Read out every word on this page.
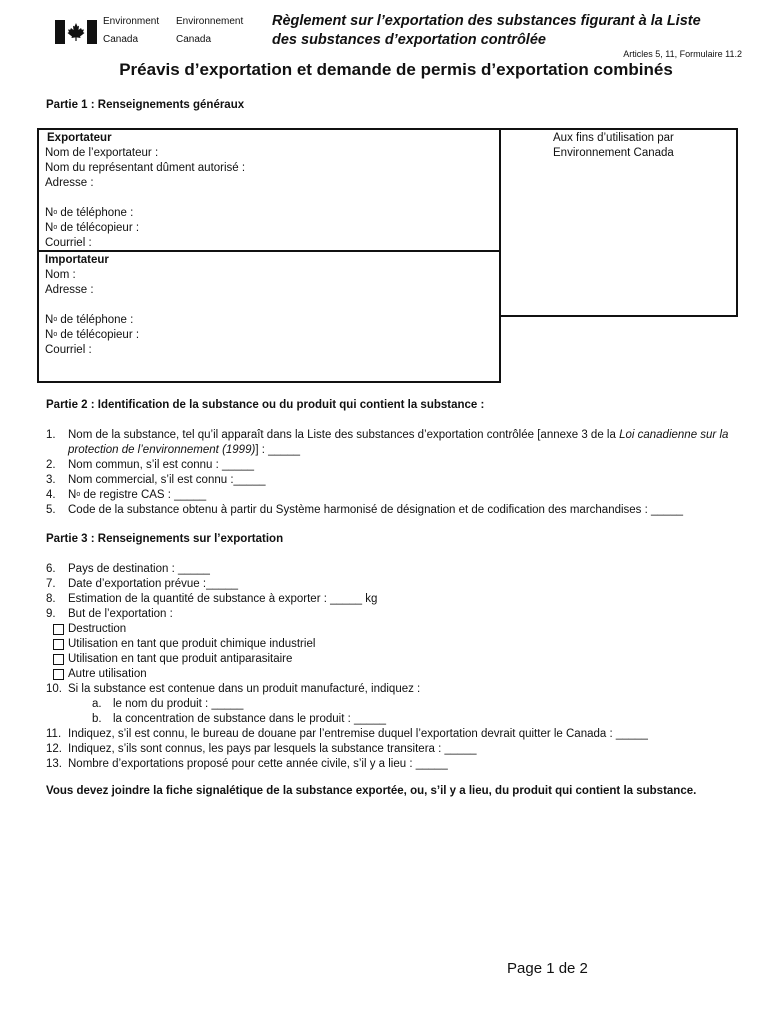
Environment
Canada
Environnement
Canada
Règlement sur l’exportation des substances figurant à la Liste
des substances d’exportation contrôlée
Articles 5, 11, Formulaire 11.2
Préavis d’exportation et demande de permis d’exportation combinés
Partie 1 : Renseignements généraux
Exportateur
Nom de l’exportateur :
Nom du représentant dûment autorisé :
Adresse :
$N^o$ de téléphone :
$N^o$ de télécopieur :
Courriel :
Importateur
Nom :
Adresse :
$N^o$ de téléphone :
$N^o$ de télécopieur :
Courriel :
Aux fins d’utilisation par
Environnement Canada
Partie 2 : Identification de la substance ou du produit qui contient la substance :
1.	Nom de la substance, tel qu’il apparaît dans la Liste des substances d’exportation contrôlée [annexe 3 de la Loi canadienne sur la protection de l’environnement (1999)] : _____
2.	Nom commun, s’il est connu : _____
3.	Nom commercial, s’il est connu :_____
4.	$N^o$ de registre CAS : _____
5.	Code de la substance obtenu à partir du Système harmonisé de désignation et de codification des marchandises : _____
Partie 3 : Renseignements sur l’exportation
6.	Pays de destination : _____
7.	Date d’exportation prévue :_____
8.	Estimation de la quantité de substance à exporter : _____ kg
9.	But de l’exportation :
Destruction
Utilisation en tant que produit chimique industriel
Utilisation en tant que produit antiparasitaire
Autre utilisation
10. Si la substance est contenue dans un produit manufacturé, indiquez :
a. le nom du produit : _____
b. la concentration de substance dans le produit : _____
11. Indiquez, s’il est connu, le bureau de douane par l’entremise duquel l’exportation devrait quitter le Canada : _____
12. Indiquez, s’ils sont connus, les pays par lesquels la substance transitera : _____
13. Nombre d’exportations proposé pour cette année civile, s’il y a lieu : _____
Vous devez joindre la fiche signalétique de la substance exportée, ou, s’il y a lieu, du produit qui contient la substance.
Page 1 de 2
